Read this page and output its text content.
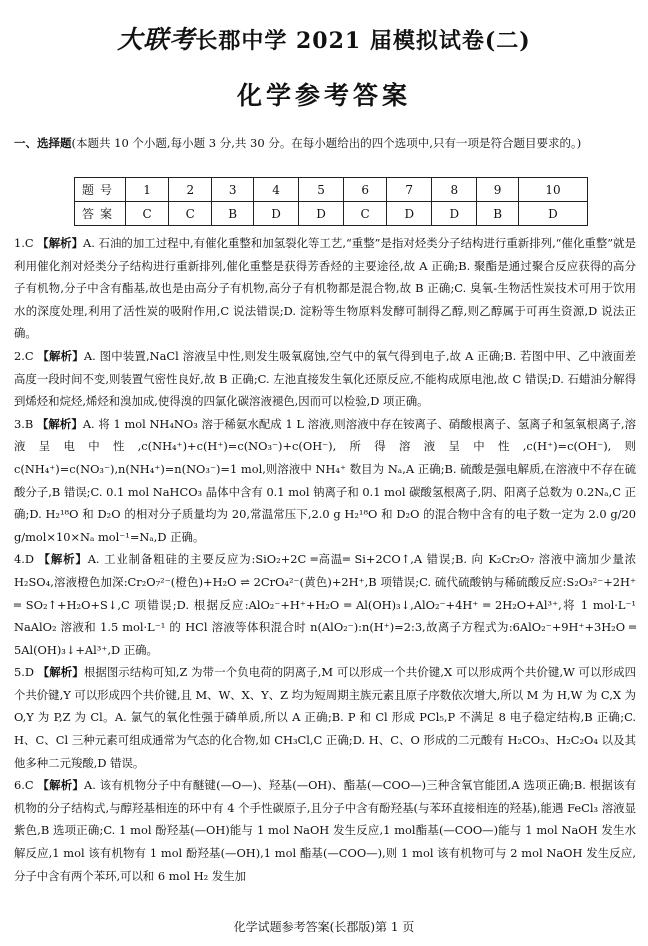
大联考长郡中学 2021 届模拟试卷(二)
化学参考答案
一、选择题(本题共 10 个小题,每小题 3 分,共 30 分。在每小题给出的四个选项中,只有一项是符合题目要求的。)
题号	1	2	3	4	5	6	7	8	9	10
答案	C	C	B	D	D	C	D	D	B	D

1.C 【解析】A. 石油的加工过程中,有催化重整和加氢裂化等工艺,“重整”是指对烃类分子结构进行重新排列,“催化重整”就是利用催化剂对烃类分子结构进行重新排列,催化重整是获得芳香烃的主要途径,故 A 正确;B. 聚酯是通过聚合反应获得的高分子有机物,分子中含有酯基,故也是由高分子有机物,高分子有机物都是混合物,故 B 正确;C. 臭氧-生物活性炭技术可用于饮用水的深度处理,利用了活性炭的吸附作用,C 说法错误;D. 淀粉等生物原料发酵可制得乙醇,则乙醇属于可再生资源,D 说法正确。

2.C 【解析】A. 图中装置,NaCl 溶液呈中性,则发生吸氧腐蚀,空气中的氧气得到电子,故 A 正确;B. 若图中甲、乙中液面差高度一段时间不变,则装置气密性良好,故 B 正确;C. 左池直接发生氧化还原反应,不能构成原电池,故 C 错误;D. 石蜡油分解得到烯烃和烷烃,烯烃和溴加成,使得溴的四氯化碳溶液褪色,因而可以检验,D 项正确。

3.B 【解析】A. 将 1 mol NH₄NO₃ 溶于稀氨水配成 1 L 溶液,则溶液中存在铵离子、硝酸根离子、氢离子和氢氧根离子,溶液呈电中性,c(NH₄⁺)+c(H⁺)=c(NO₃⁻)+c(OH⁻),所得溶液呈中性,c(H⁺)=c(OH⁻),则 c(NH₄⁺)=c(NO₃⁻),n(NH₄⁺)=n(NO₃⁻)=1 mol,则溶液中 NH₄⁺ 数目为 Nₐ,A 正确;B. 硫酸是强电解质,在溶液中不存在硫酸分子,B 错误;C. 0.1 mol NaHCO₃ 晶体中含有 0.1 mol 钠离子和 0.1 mol 碳酸氢根离子,阴、阳离子总数为 0.2Nₐ,C 正确;D. H₂¹⁸O 和 D₂O 的相对分子质量均为 20,常温常压下,2.0 g H₂¹⁸O 和 D₂O 的混合物中含有的电子数一定为 2.0 g/20 g/mol×10×Nₐ mol⁻¹=Nₐ,D 正确。

4.D 【解析】A. 工业制备粗硅的主要反应为:SiO₂+2C ═高温═ Si+2CO↑,A 错误;B. 向 K₂Cr₂O₇ 溶液中滴加少量浓 H₂SO₄,溶液橙色加深:Cr₂O₇²⁻(橙色)+H₂O ⇌ 2CrO₄²⁻(黄色)+2H⁺,B 项错误;C. 硫代硫酸钠与稀硫酸反应:S₂O₃²⁻+2H⁺ ═ SO₂↑+H₂O+S↓,C 项错误;D. 根据反应:AlO₂⁻+H⁺+H₂O ═ Al(OH)₃↓,AlO₂⁻+4H⁺ ═ 2H₂O+Al³⁺,将 1 mol·L⁻¹ NaAlO₂ 溶液和 1.5 mol·L⁻¹ 的 HCl 溶液等体积混合时 n(AlO₂⁻):n(H⁺)=2:3,故离子方程式为:6AlO₂⁻+9H⁺+3H₂O ═ 5Al(OH)₃↓+Al³⁺,D 正确。

5.D 【解析】根据图示结构可知,Z 为带一个负电荷的阴离子,M 可以形成一个共价键,X 可以形成两个共价键,W 可以形成四个共价键,Y 可以形成四个共价键,且 M、W、X、Y、Z 均为短周期主族元素且原子序数依次增大,所以 M 为 H,W 为 C,X 为 O,Y 为 P,Z 为 Cl。A. 氯气的氧化性强于磷单质,所以 A 正确;B. P 和 Cl 形成 PCl₅,P 不满足 8 电子稳定结构,B 正确;C. H、C、Cl 三种元素可组成通常为气态的化合物,如 CH₃Cl,C 正确;D. H、C、O 形成的二元酸有 H₂CO₃、H₂C₂O₄ 以及其他多种二元羧酸,D 错误。

6.C 【解析】A. 该有机物分子中有醚键(—O—)、羟基(—OH)、酯基(—COO—)三种含氧官能团,A 选项正确;B. 根据该有机物的分子结构式,与醇羟基相连的环中有 4 个手性碳原子,且分子中含有酚羟基(与苯环直接相连的羟基),能遇 FeCl₃ 溶液显紫色,B 选项正确;C. 1 mol 酚羟基(—OH)能与 1 mol NaOH 发生反应,1 mol酯基(—COO—)能与 1 mol NaOH 发生水解反应,1 mol 该有机物有 1 mol 酚羟基(—OH),1 mol 酯基(—COO—),则 1 mol 该有机物可与 2 mol NaOH 发生反应,分子中含有两个苯环,可以和 6 mol H₂ 发生加

化学试题参考答案(长郡版)第 1 页
